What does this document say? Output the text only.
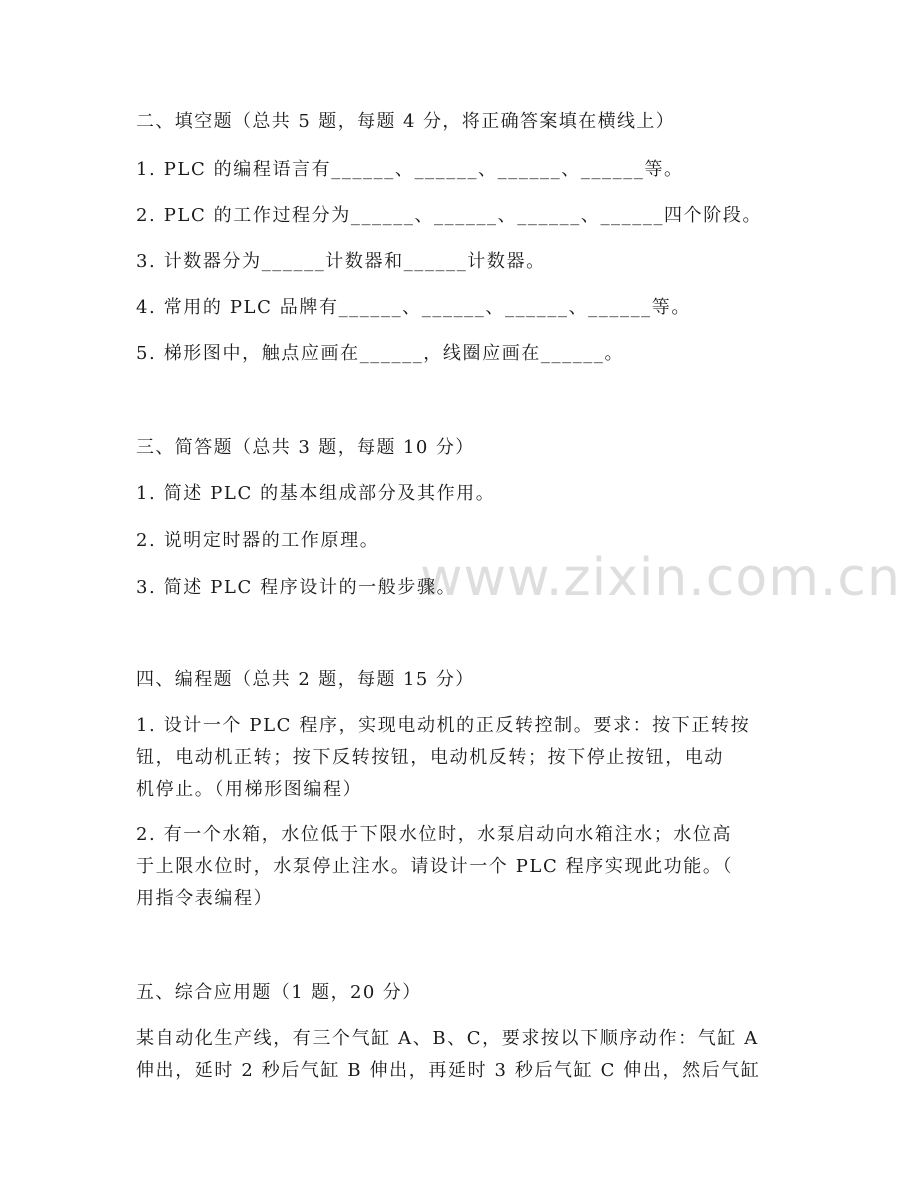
www.zixin.com.cn
二、填空题（总共 5 题，每题 4 分，将正确答案填在横线上）
1. PLC 的编程语言有______、______、______、______等。
2. PLC 的工作过程分为______、______、______、______四个阶段。
3. 计数器分为______计数器和______计数器。
4. 常用的 PLC 品牌有______、______、______、______等。
5. 梯形图中，触点应画在______，线圈应画在______。
三、简答题（总共 3 题，每题 10 分）
1. 简述 PLC 的基本组成部分及其作用。
2. 说明定时器的工作原理。
3. 简述 PLC 程序设计的一般步骤。
四、编程题（总共 2 题，每题 15 分）
1. 设计一个 PLC 程序，实现电动机的正反转控制。要求：按下正转按
钮，电动机正转；按下反转按钮，电动机反转；按下停止按钮，电动
机停止。（用梯形图编程）
2. 有一个水箱，水位低于下限水位时，水泵启动向水箱注水；水位高
于上限水位时，水泵停止注水。请设计一个 PLC 程序实现此功能。（
用指令表编程）
五、综合应用题（1 题，20 分）
某自动化生产线，有三个气缸 A、B、C，要求按以下顺序动作：气缸 A
伸出，延时 2 秒后气缸 B 伸出，再延时 3 秒后气缸 C 伸出，然后气缸
